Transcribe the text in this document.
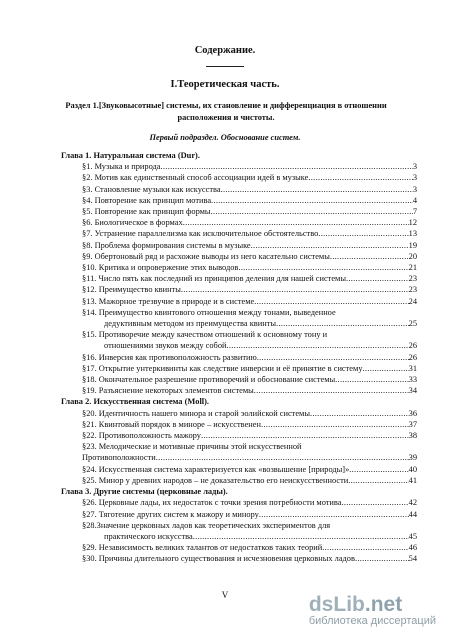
Содержание.
I.Теоретическая часть.
Раздел 1.[Звуковысотные] системы, их становление и дифференциация в отношении расположения и чистоты.
Первый подраздел. Обоснование систем.
Глава 1. Натуральная система (Dur).
§1. Музыка и природа .....	3
§2. Мотив как единственный способ ассоциации идей в музыке .....	3
§3. Становление музыки как искусства .....	3
§4. Повторение как принцип мотива .....	4
§5. Повторение как принцип формы .....	7
§6. Биологическое в формах .....	12
§7. Устранение параллелизма как исключительное обстоятельство .....	13
§8. Проблема формирования системы в музыке .....	19
§9. Обертоновый ряд и расхожие выводы из него касательно системы .....	20
§10. Критика и опровержение этих выводов .....	21
§11. Число пять как последний из принципов деления для нашей системы .....	23
§12. Преимущество квинты .....	23
§13. Мажорное трезвучие в природе и в системе .....	24
§14. Преимущество квинтового отношения между тонами, выведенное
дедуктивным методом из преимущества квинты .....	25
§15. Противоречие между качеством отношений к основному тону и
отношениями звуков между собой .....	26
§16. Инверсия как противоположность развитию .....	26
§17. Открытие унтеркивинты как следствие инверсии и её принятие в систему .....	31
§18. Окончательное разрешение противоречий и обоснование системы .....	33
§19. Разъяснение некоторых элементов системы .....	34
Глава 2. Искусственная система (Moll).
§20. Идентичность нашего минора и старой эолийской системы .....	36
§21. Квинтовый порядок в миноре – искусственен .....	37
§22. Противоположность мажору .....	38
§23. Мелодические и мотивные причины этой искусственной
Противоположности .....	39
§24. Искусственная система характеризуется как «возвышение [природы]» .....	40
§25. Минор у древних народов – не доказательство его неискусственности .....	41
Глава 3. Другие системы (церковные лады).
§26. Церковные лады, их недостаток с точки зрения потребности мотива .....	42
§27. Тяготение других систем к мажору и минору .....	44
§28.Значение церковных ладов как теоретических экспериментов для
практического искусства .....	45
§29. Независимость великих талантов от недостатков таких теорий .....	46
§30. Причины длительного существования и исчезновения церковных ладов .....	54
V	dsLib.net
библиотека диссертаций
